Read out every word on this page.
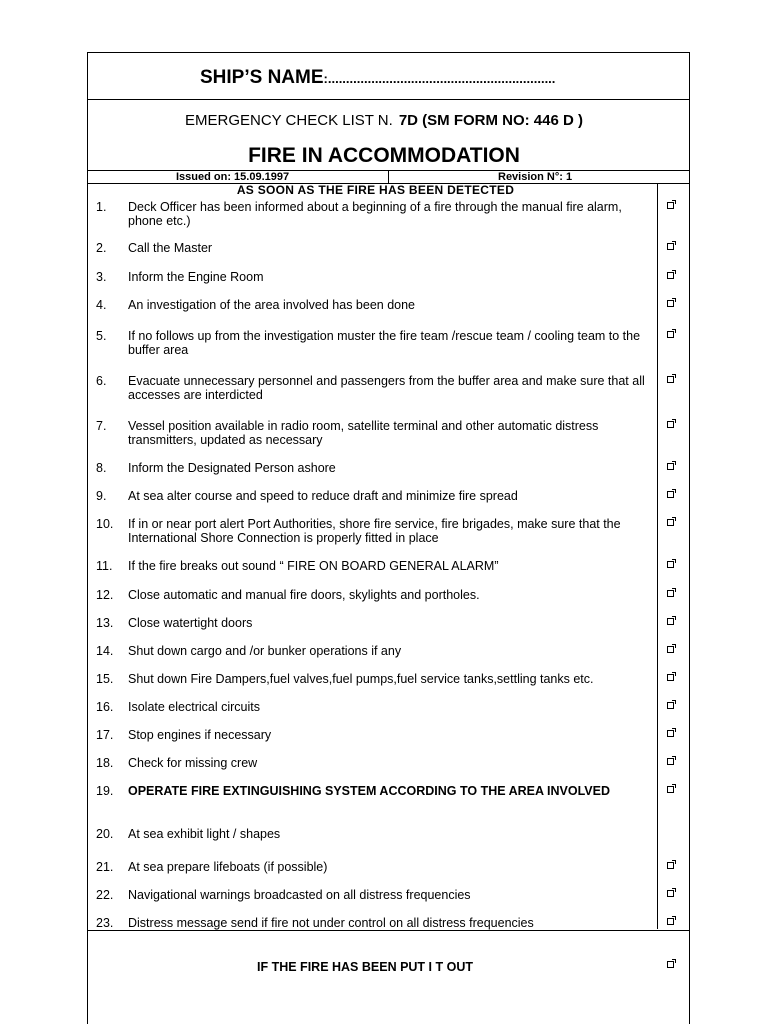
SHIP’S NAME:...............................................................
EMERGENCY CHECK LIST N. 7D (SM FORM NO: 446 D )
FIRE IN ACCOMMODATION
Issued on: 15.09.1997	Revision N°: 1
AS SOON AS THE FIRE HAS BEEN DETECTED
1.	Deck Officer has been informed about a beginning of a fire through the manual fire alarm, phone etc.)
2.	Call the Master
3.	Inform the Engine Room
4.	An investigation of the area involved has been done
5.	If no follows up from the investigation muster the fire team /rescue team / cooling team to the buffer area
6.	Evacuate unnecessary personnel and passengers from the buffer area and make sure that all accesses are interdicted
7.	Vessel position available in radio room, satellite terminal and other automatic distress transmitters, updated as necessary
8.	Inform the Designated Person ashore
9.	At sea alter course and speed to reduce draft and minimize fire spread
10.	If in or near port alert Port Authorities, shore fire service, fire brigades, make sure that the International Shore Connection is properly fitted in place
11.	If the fire breaks out sound “ FIRE ON BOARD GENERAL ALARM”
12.	Close automatic and manual fire doors, skylights and portholes.
13.	Close watertight doors
14.	Shut down cargo and /or bunker operations if any
15.	Shut down Fire Dampers,fuel valves,fuel pumps,fuel service tanks,settling tanks etc.
16.	Isolate electrical circuits
17.	Stop engines if necessary
18.	Check for missing crew
19.	OPERATE FIRE EXTINGUISHING SYSTEM ACCORDING TO THE AREA INVOLVED
20.	At sea exhibit light / shapes
21.	At sea prepare lifeboats (if possible)
22.	Navigational warnings broadcasted on all distress frequencies
23.	Distress message send if fire not under control on all distress frequencies
IF THE FIRE HAS BEEN PUT I T OUT
